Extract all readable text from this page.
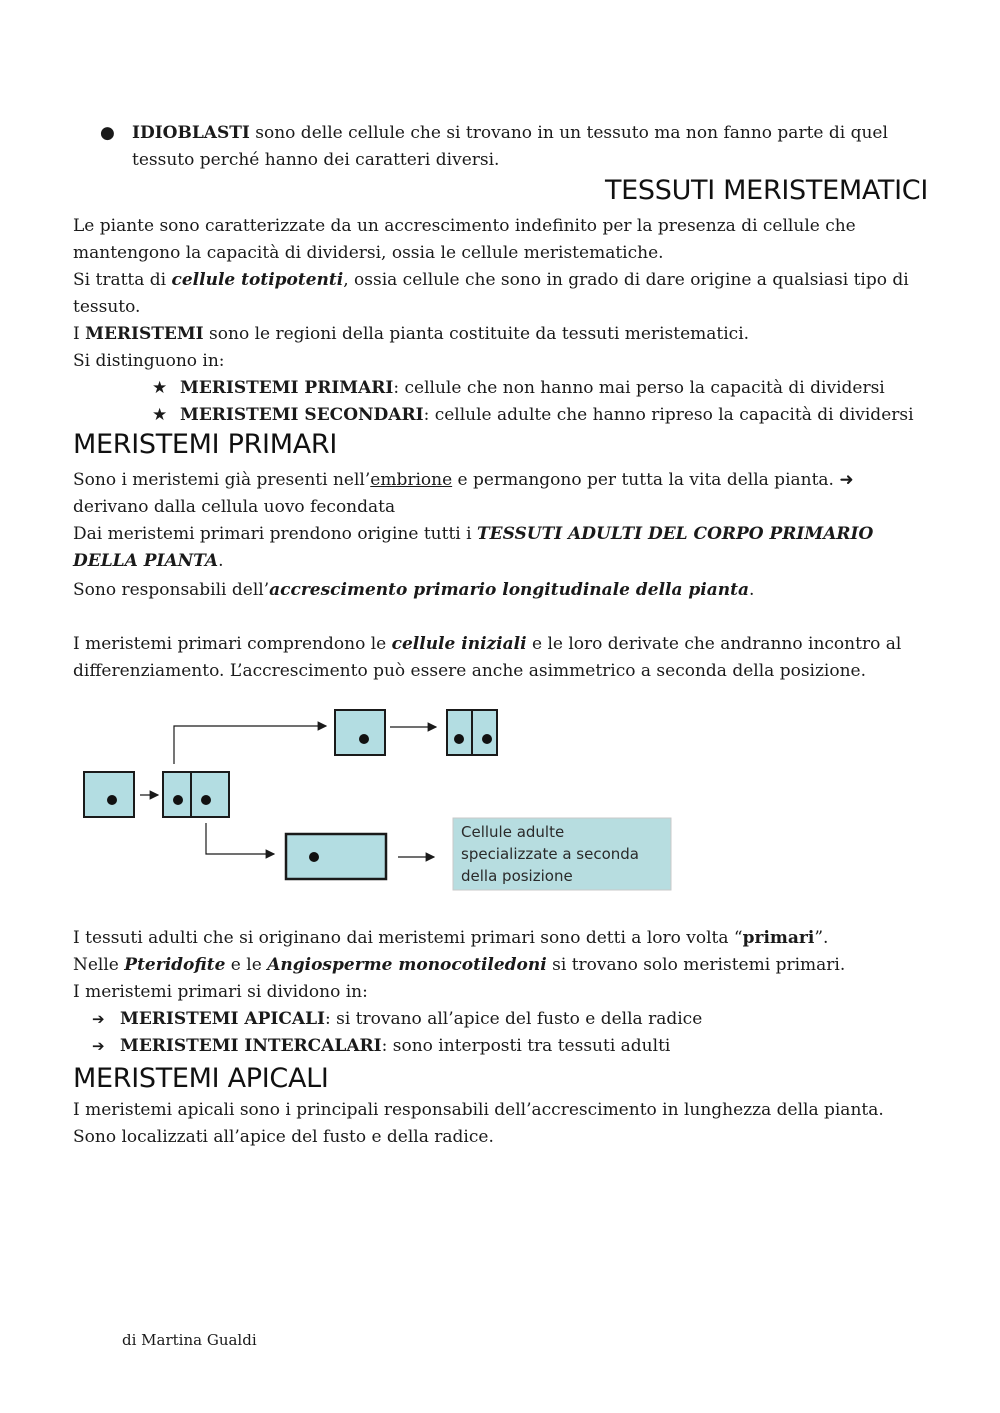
●	IDIOBLASTI sono delle cellule che si trovano in un tessuto ma non fanno parte di quel tessuto perché hanno dei caratteri diversi.
TESSUTI MERISTEMATICI

Le piante sono caratterizzate da un accrescimento indefinito per la presenza di cellule che mantengono la capacità di dividersi, ossia le cellule meristematiche.

Si tratta di cellule totipotenti, ossia cellule che sono in grado di dare origine a qualsiasi tipo di tessuto.

I MERISTEMI sono le regioni della pianta costituite da tessuti meristematici.

Si distinguono in:

★ MERISTEMI PRIMARI: cellule che non hanno mai perso la capacità di dividersi
★ MERISTEMI SECONDARI: cellule adulte che hanno ripreso la capacità di dividersi
MERISTEMI PRIMARI

Sono i meristemi già presenti nell’embrione e permangono per tutta la vita della pianta. ➜ derivano dalla cellula uovo fecondata

Dai meristemi primari prendono origine tutti i TESSUTI ADULTI DEL CORPO PRIMARIO DELLA PIANTA.

Sono responsabili dell’accrescimento primario longitudinale della pianta.

I meristemi primari comprendono le cellule iniziali e le loro derivate che andranno incontro al differenziamento. L’accrescimento può essere anche asimmetrico a seconda della posizione.

Cellule adulte
specializzate a seconda
della posizione

I tessuti adulti che si originano dai meristemi primari sono detti a loro volta “primari”.

Nelle Pteridofite e le Angiosperme monocotiledoni si trovano solo meristemi primari.

I meristemi primari si dividono in:

➔ MERISTEMI APICALI: si trovano all’apice del fusto e della radice
➔ MERISTEMI INTERCALARI: sono interposti tra tessuti adulti
MERISTEMI APICALI

I meristemi apicali sono i principali responsabili dell’accrescimento in lunghezza della pianta.

Sono localizzati all’apice del fusto e della radice.

di Martina Gualdi
